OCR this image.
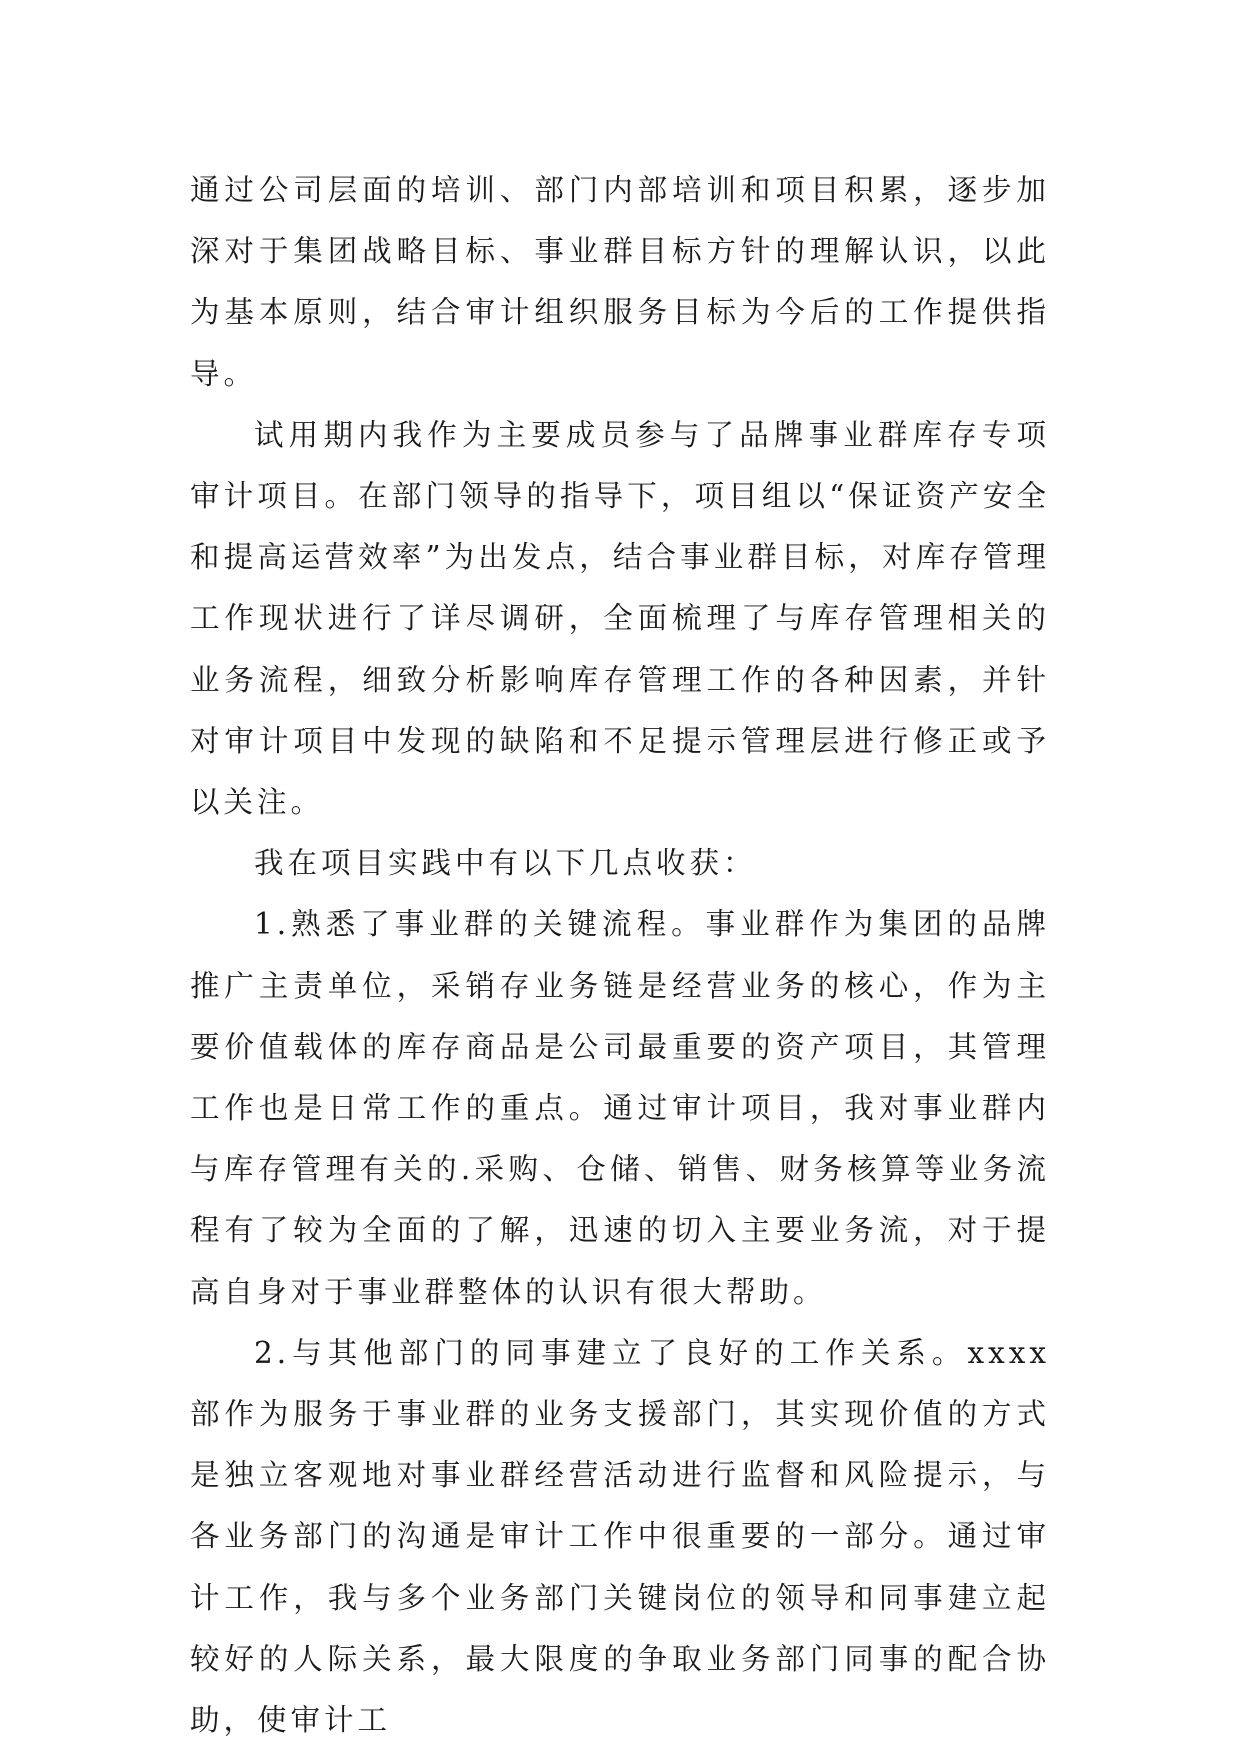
通过公司层面的培训、部门内部培训和项目积累，逐步加深对于集团战略目标、事业群目标方针的理解认识，以此为基本原则，结合审计组织服务目标为今后的工作提供指导。

试用期内我作为主要成员参与了品牌事业群库存专项审计项目。在部门领导的指导下，项目组以“保证资产安全和提高运营效率”为出发点，结合事业群目标，对库存管理工作现状进行了详尽调研，全面梳理了与库存管理相关的业务流程，细致分析影响库存管理工作的各种因素，并针对审计项目中发现的缺陷和不足提示管理层进行修正或予以关注。

我在项目实践中有以下几点收获：

1.熟悉了事业群的关键流程。事业群作为集团的品牌推广主责单位，采销存业务链是经营业务的核心，作为主要价值载体的库存商品是公司最重要的资产项目，其管理工作也是日常工作的重点。通过审计项目，我对事业群内与库存管理有关的.采购、仓储、销售、财务核算等业务流程有了较为全面的了解，迅速的切入主要业务流，对于提高自身对于事业群整体的认识有很大帮助。

2.与其他部门的同事建立了良好的工作关系。xxxx 部作为服务于事业群的业务支援部门，其实现价值的方式是独立客观地对事业群经营活动进行监督和风险提示，与各业务部门的沟通是审计工作中很重要的一部分。通过审计工作，我与多个业务部门关键岗位的领导和同事建立起较好的人际关系，最大限度的争取业务部门同事的配合协助，使审计工
